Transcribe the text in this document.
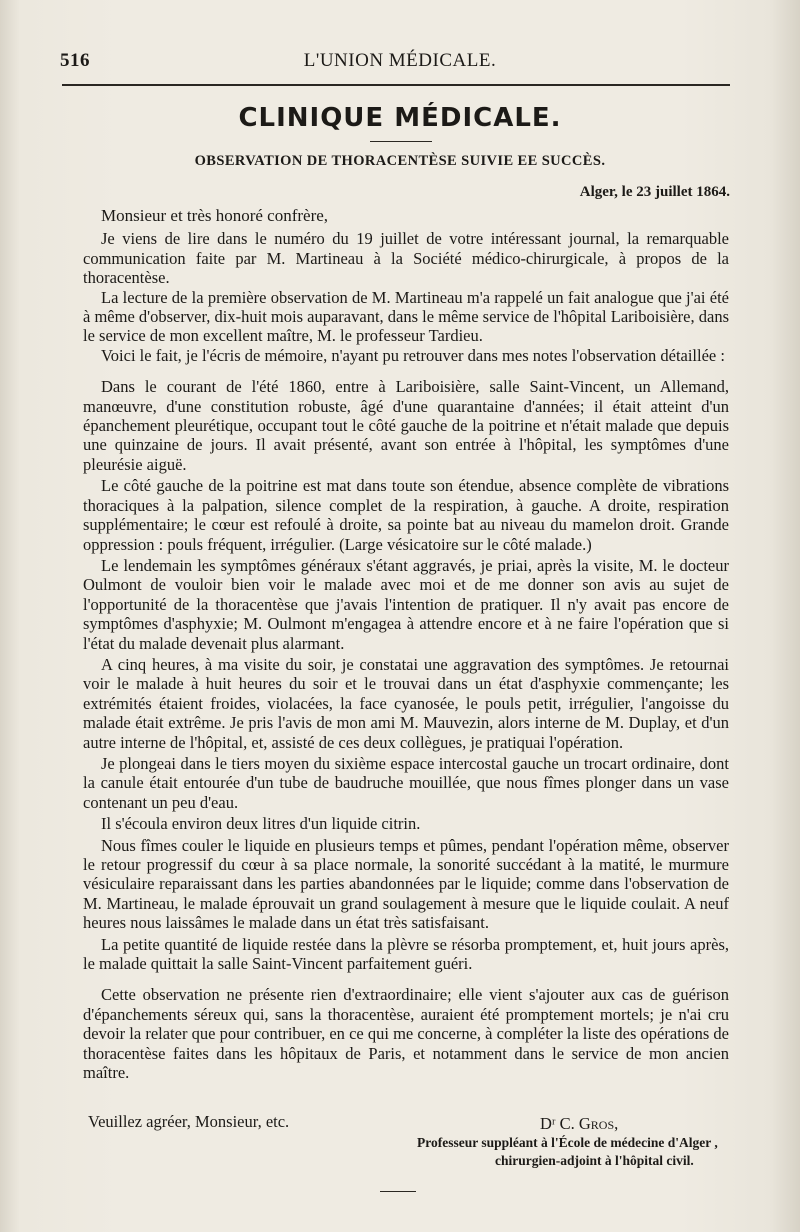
516	L'UNION MÉDICALE.
CLINIQUE MÉDICALE.
OBSERVATION DE THORACENTÈSE SUIVIE EE SUCCÈS.
Alger, le 23 juillet 1864.

Monsieur et très honoré confrère,

Je viens de lire dans le numéro du 19 juillet de votre intéressant journal, la remarquable communication faite par M. Martineau à la Société médico-chirurgicale, à propos de la thoracentèse.

La lecture de la première observation de M. Martineau m'a rappelé un fait analogue que j'ai été à même d'observer, dix-huit mois auparavant, dans le même service de l'hôpital Lariboisière, dans le service de mon excellent maître, M. le professeur Tardieu.

Voici le fait, je l'écris de mémoire, n'ayant pu retrouver dans mes notes l'observation détaillée :

Dans le courant de l'été 1860, entre à Lariboisière, salle Saint-Vincent, un Allemand, manœuvre, d'une constitution robuste, âgé d'une quarantaine d'années; il était atteint d'un épanchement pleurétique, occupant tout le côté gauche de la poitrine et n'était malade que depuis une quinzaine de jours. Il avait présenté, avant son entrée à l'hôpital, les symptômes d'une pleurésie aiguë.

Le côté gauche de la poitrine est mat dans toute son étendue, absence complète de vibrations thoraciques à la palpation, silence complet de la respiration, à gauche. A droite, respiration supplémentaire; le cœur est refoulé à droite, sa pointe bat au niveau du mamelon droit. Grande oppression : pouls fréquent, irrégulier. (Large vésicatoire sur le côté malade.)

Le lendemain les symptômes généraux s'étant aggravés, je priai, après la visite, M. le docteur Oulmont de vouloir bien voir le malade avec moi et de me donner son avis au sujet de l'opportunité de la thoracentèse que j'avais l'intention de pratiquer. Il n'y avait pas encore de symptômes d'asphyxie; M. Oulmont m'engagea à attendre encore et à ne faire l'opération que si l'état du malade devenait plus alarmant.

A cinq heures, à ma visite du soir, je constatai une aggravation des symptômes. Je retournai voir le malade à huit heures du soir et le trouvai dans un état d'asphyxie commençante; les extrémités étaient froides, violacées, la face cyanosée, le pouls petit, irrégulier, l'angoisse du malade était extrême. Je pris l'avis de mon ami M. Mauvezin, alors interne de M. Duplay, et d'un autre interne de l'hôpital, et, assisté de ces deux collègues, je pratiquai l'opération.

Je plongeai dans le tiers moyen du sixième espace intercostal gauche un trocart ordinaire, dont la canule était entourée d'un tube de baudruche mouillée, que nous fîmes plonger dans un vase contenant un peu d'eau.

Il s'écoula environ deux litres d'un liquide citrin.

Nous fîmes couler le liquide en plusieurs temps et pûmes, pendant l'opération même, observer le retour progressif du cœur à sa place normale, la sonorité succédant à la matité, le murmure vésiculaire reparaissant dans les parties abandonnées par le liquide; comme dans l'observation de M. Martineau, le malade éprouvait un grand soulagement à mesure que le liquide coulait. A neuf heures nous laissâmes le malade dans un état très satisfaisant.

La petite quantité de liquide restée dans la plèvre se résorba promptement, et, huit jours après, le malade quittait la salle Saint-Vincent parfaitement guéri.

Cette observation ne présente rien d'extraordinaire; elle vient s'ajouter aux cas de guérison d'épanchements séreux qui, sans la thoracentèse, auraient été promptement mortels; je n'ai cru devoir la relater que pour contribuer, en ce qui me concerne, à compléter la liste des opérations de thoracentèse faites dans les hôpitaux de Paris, et notamment dans le service de mon ancien maître.

Veuillez agréer, Monsieur, etc.	Dʳ C. Gros,
Professeur suppléant à l'École de médecine d'Alger ,
chirurgien-adjoint à l'hôpital civil.
